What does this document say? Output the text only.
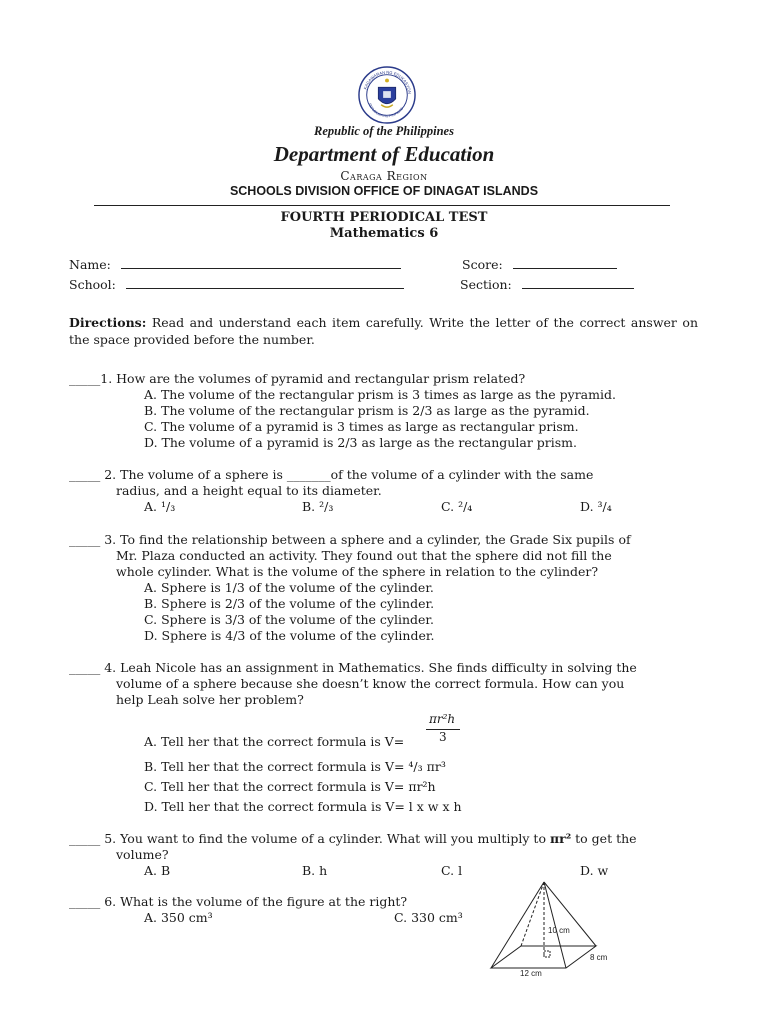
KAGAWARAN NG EDUKASYON
REPUBLIKA NG PILIPINAS
Republic of the Philippines
Department of Education
Caraga Region
SCHOOLS DIVISION OFFICE OF DINAGAT ISLANDS
FOURTH PERIODICAL TEST
Mathematics 6
Name:	Score:
School:	Section:
Directions: Read and understand each item carefully. Write the letter of the correct answer on the space provided before the number.
_____1. How are the volumes of pyramid and rectangular prism related?
A. The volume of the rectangular prism is 3 times as large as the pyramid.
B. The volume of the rectangular prism is 2/3 as large as the pyramid.
C. The volume of a pyramid is 3 times as large as rectangular prism.
D. The volume of a pyramid is 2/3 as large as the rectangular prism.
_____ 2. The volume of a sphere is _______of the volume of a cylinder with the same
radius, and a height equal to its diameter.
A. ¹/₃	B. ²/₃	C. ²/₄	D. ³/₄
_____ 3. To find the relationship between a sphere and a cylinder, the Grade Six pupils of
Mr. Plaza conducted an activity. They found out that the sphere did not fill the
whole cylinder. What is the volume of the sphere in relation to the cylinder?
A. Sphere is 1/3 of the volume of the cylinder.
B. Sphere is 2/3 of the volume of the cylinder.
C. Sphere is 3/3 of the volume of the cylinder.
D. Sphere is 4/3 of the volume of the cylinder.
_____ 4. Leah Nicole has an assignment in Mathematics. She finds difficulty in solving the
volume of a sphere because she doesn’t know the correct formula. How can you
help Leah solve her problem?
πr²h
3
A. Tell her that the correct formula is V=
B. Tell her that the correct formula is V= ⁴/₃ πr³
C. Tell her that the correct formula is V= πr²h
D. Tell her that the correct formula is V= l x w x h
_____ 5. You want to find the volume of a cylinder. What will you multiply to πr² to get the
volume?
A. B	B. h	C. l	D. w
_____ 6. What is the volume of the figure at the right?
A. 350 cm³	C. 330 cm³
10 cm
8 cm
12 cm
